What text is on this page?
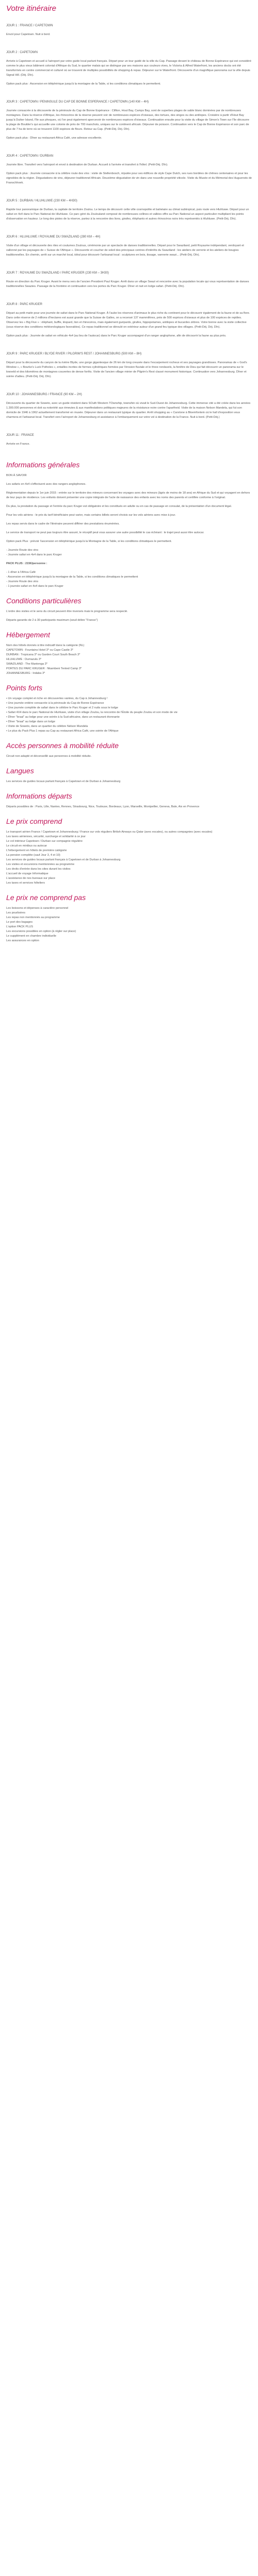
Votre itinéraire
JOUR 1 : FRANCE / CAPETOWN

Envol pour Capetown. Nuit à bord.

JOUR 2 : CAPETOWN

Arrivée à Capetown et accueil à l'aéroport par votre guide local parlant français. Départ pour un tour guidé de la ville du Cap. Passage devant le château de Bonne Espérance qui est considéré comme le plus vieux bâtiment colonial d'Afrique du Sud, le quartier malais qui se distingue par ses maisons aux couleurs vives, le Victoria & Alfred Waterfront, les anciens docks ont été transformés en centre commercial et culturel où se trouvent de multiples possibilités de shopping & repas. Déjeuner sur le Waterfront. Découverte d'un magnifique panorama sur la ville depuis Signal Hill. (Déj. Dîn).

Option pack plus : Ascension en téléphérique jusqu'à la montagne de la Table, si les conditions climatiques le permettent.

JOUR 3 : CAPETOWN / PENINSULE DU CAP DE BONNE ESPERANCE / CAPETOWN (140 KM – 4H)

Journée consacrée à la découverte de la péninsule du Cap de Bonne Espérance : Clifton, Hout Bay, Camps Bay, sont de superbes plages de sable blanc dominées par de nombreuses montagnes. Dans la réserve d'Afrique, les rhinocéros de la réserve peuvent voir de nombreuses espèces d'oiseaux, des tortues, des singes ou des antilopes. Croisière à partir d'Hout Bay jusqu'à Duiker Island, l'île aux phoques, où l'on peut également apercevoir de nombreuses espèces d'oiseaux. Continuation ensuite pour la visite du village de Simon's Town sur l'île découvre la plage de Boulder's qui accueille une colonie de près de 700 manchots, uniques sur le continent africain. Déjeuner de poisson. Continuation vers le Cap de Bonne Espérance et son parc de plus de 7 ha de terre où se trouvent 1100 espèces de fleurs. Retour au Cap. (Petit-Déj. Déj. Dîn).

Option pack plus : Dîner au restaurant Africa Café, une adresse excellente.

JOUR 4 : CAPETOWN / DURBAN

Journée libre. Transfert vers l'aéroport et envol à destination de Durban. Accueil à l'arrivée et transfert à l'hôtel. (Petit-Déj. Dîn).

Option pack plus : Journée consacrée à la célèbre route des vins : visite de Stellenbosch, réputée pour ses édifices de style Cape Dutch, ses rues bordées de chênes centenaires et pour les vignobles de la région. Dégustations de vins, déjeuner traditionnel Africain. Deuxième dégustation de vin dans une nouvelle propriété viticole. Visite du Musée et du Mémorial des Huguenots de Franschhoek.

JOUR 5 : DURBAN / HLUHLUWE (230 KM – 4H30)

Rapide tour panoramique de Durban, la capitale de territoire Zoulou. Le temps de découvrir cette ville cosmopolite et balnéaire au climat subtropical, puis route vers Hluhluwe. Départ pour un safari en 4x4 dans le Parc National de Hluhluwe. Ce parc géré du Zoulouland composé de nombreuses collines et vallées offre au Parc National un aspect particulier multipliant les points d'observation en hauteur. Le long des pistes de la réserve, partez à la rencontre des lions, girafes, éléphants et autres rhinocéros noirs très représentés à Hluhluwe. (Petit-Déj. Dîn).

JOUR 6 : HLUHLUWE / ROYAUME DU SWAZILAND (280 KM – 4H)

Visite d'un village et découverte des rites et coutumes Zoulous, cérémonie par un spectacle de danses traditionnelles. Départ pour le Swaziland, petit Royaume indépendant, verdoyant et vallonné par les paysages de « Suisse de l'Afrique ». Découverte et coucher de soleil des principaux centres d'intérêts du Swaziland : les ateliers de verrerie et les ateliers de bougies traditionnelles. En chemin, arrêt sur un marché local, idéal pour découvrir l'artisanat local : sculptures en bois, tissage, vannerie swazi... (Petit-Déj. Dîn).

JOUR 7 : ROYAUME DU SWAZILAND / PARC KRUGER (230 KM – 3H30)

Route en direction du Parc Kruger. Avant le menu vers de l'ancien President Paul Kruger. Arrêt dans un village Swazi et rencontre avec la population locale qui vous représentation de danses traditionnelles Swazies. Passage de la frontière et continuation vers les portes du Parc Kruger. Dîner et nuit en lodge safari. (Petit-Déj. Dîn).

JOUR 8 : PARC KRUGER

Départ au petit matin pour une journée de safari dans le Parc National Kruger. À l'aube les réserves d'animaux le plus riche du continent pour le découvrir également de la faune et de sa flore. Dans cette réserve de 2 millions d'hectares est aussi grande que la Suisse de Galles, on a recensé 137 mammifères, près de 500 espèces d'oiseaux et plus de 100 espèces de reptiles. Observez les « Big Five » : éléphant, buffle, léopard, lion et rhinocéros, mais également guépards, girafes, hippopotames, antilopes et bucardes zèbres. Votre bonne avec la visite collective (sous réserve des conditions météorologiques favorables). Ce repas traditionnel se déroulé en extérieur autour d'un grand feu typique des villages. (Petit-Déj. Déj. Dîn).

Option pack plus : Journée de safari en véhicule 4x4 (au lieu de l'autocar) dans le Parc Kruger accompagné d'un ranger anglophone, afin de découvrir la faune au plus près.

JOUR 9 : PARC KRUGER / BLYDE RIVER / PILGRIM'S REST / JOHANNESBURG (500 KM – 8H)

Départ pour la découverte du canyon de la rivière Blyde, une gorge gigantesque de 26 km de long creusée dans l'escarpement rocheux et ses paysages grandioses. Panoramas de « God's Window », « Bourke's Luck Potholes », entailles incrites de formes cylindriques formées par l'érosion fluviale et le three rondavels, la fenêtre de Dieu qui fait découvrir un panorama sur le lowveld et des kilomètres de montagnes couvertes de dense forêts. Visite de l'ancien village minier de Pilgrim's Rest classé monument historique. Continuation vers Johannesburg. Dîner et soirée d'adieu. (Petit-Déj. Déj. Dîn).

JOUR 10 : JOHANNESBURG / FRANCE (90 KM – 2H)

Découverte du quartier de Soweto, avec un guide résident dans SOuth Western TOwnship, townshin où vivait le Sud-Ouest de Johannesburg. Cette immense cité a été créée dans les années 1.300.000 personnes et doit sa notoriété aux émeutes & aux manifestations politiques majeures de la résistance noire contre l'apartheid. Visite de la maison Nelson Mandela, qui fut son domicile de 1946 à 1962 actuellement transformé en musée. Déjeuner dans un restaurant typique du quartier. Arrêt shopping au « Carstone à Bloemfontein où le hall d'exposition vous charmera et l'artisanat local. Transfert vers l'aéroport de Johannesburg et assistance à l'embarquement sur votre vol à destination de la France. Nuit à bord. (Petit-Déj.)

JOUR 11 : FRANCE

Arrivée en France.

Informations générales

BON À SAVOIR

Les safaris en 4x4 s'effectuent avec des rangers anglophones.

Réglementation depuis le 1er juin 2015 : entrée sur le territoire des mineurs concernant les voyages avec des mineurs (âgés de moins de 18 ans) en Afrique du Sud et qui voyagent en dehors de leur pays de résidence. Les enfants doivent présenter une copie intégrale de l'acte de naissance des enfants avec les noms des parents et certifiée conforme à l'original.

Du plus, la prestation du passage et l'entrée du parc Kruger est obligatoire et les constitués en adulte ou en cas de passage en consulat, de la présentation d'un document légal.

Pour les vols aériens : le prix du tarif bénéficiaire peut varier, mais certains billets seront choisis sur les vols aériens avec mise à jour.

Les repas servis dans le cadre de l'itinéraire peuvent différer des prestations énumérées.

Le service de transport ne peut pas toujours être assuré, le réceptif peut vous assurer une autre possibilité le cas échéant : le trajet peut aussi être autocar.

Option pack Plus : prévoir l'ascension en téléphérique jusqu'à la Montagne de la Table, si les conditions climatiques le permettent.

- Journée Route des vins
- Journée safari en 4x4 dans le parc Kruger
PACK PLUS : 215€/personne :
- 1 dîner à l'Africa Café
- Ascension en téléphérique jusqu'à la montagne de la Table, si les conditions climatiques le permettent
- Journée Route des vins
- 1 journée safari en 4x4 dans le parc Kruger
Conditions particulières

L'ordre des visites et le sens du circuit peuvent être inversés mais le programme sera respecté.

Départs garantis de 2 à 30 participants maximum (seuil débre "France")

Hébergement
Nom des hôtels donnés à titre indicatif dans la catégorie (NL)
CAPETOWN : Fountains Hotel 3* ou Cape Castle 3*
DURBAN : Tropicana 3* ou Garden Court South Beach 3*
HLUHLUWE : Dumazulu 3*
SWAZILAND : The Mantenga 3*
PORTES DU PARC KRUGER : Nkambeni Tented Camp 3*
JOHANNESBURG : Indaba 3*
Points forts
• Un voyage complet et riche en découvertes variées, du Cap à Johannesburg !
• Une journée entière consacrée à la péninsule du Cap de Bonne Espérance
• Une journée complète de safari dans le célèbre le Parc Kruger et 2 nuits sous le lodge
• Safari 4X4 dans le parc National de Hluhluwe, visite d'un village Zoulou, la rencontre de l'Étoile du peuple Zoulou et son mode de vie
• Dîner "braai" au lodge pour une soirée à la Sud-africaine, dans un restaurant étonnante
• Dîner "braai" au lodge dans un lodge
• Visite de Soweto, dans un quartier du célèbre Nelson Mandela
• Le plus du Pack Plus 1 repas au Cap au restaurant Africa Café, une soirée de l'Afrique
Accès personnes à mobilité réduite

Circuit non adapté et déconseillé aux personnes à mobilité réduite.

Langues

Les services de guides locaux parlant français à Capetown et de Durban à Johannesburg

Informations départs

Départs possibles de : Paris, Lille, Nantes, Rennes, Strasbourg, Nice, Toulouse, Bordeaux, Lyon, Marseille, Montpellier, Geneva, Bale, Aix en Provence

Le prix comprend
Le transport aérien France / Capetown et Johannesburg / France sur vols réguliers British Airways ou Qatar (avec escales), ou autres compagnies (avec escales)
Les taxes aériennes, sécurité, surcharge et solidarité à ce jour
Le vol intérieur Capetown / Durban sur compagnie régulière
Le circuit en minibus ou autocar
L'hébergement en hôtels de première catégorie
La pension complète (sauf Jour 3, 4 et 10)
Les services de guides locaux parlant français à Capetown et de Durban à Johannesburg
Les visites et excursions mentionnées au programme
Les droits d'entrée dans les sites durant les visites
L'accueil de voyage Informatique
L'assistance de nos bureaux sur place
Les taxes et services hôteliers
Le prix ne comprend pas
Les boissons et dépenses à caractère personnel
Les pourboires
Les repas non mentionnés au programme
Le port des bagages
L'option PACK PLUS
Les excursions possibles en option (à régler sur place)
Le supplément en chambre individuelle
Les assurances en option
